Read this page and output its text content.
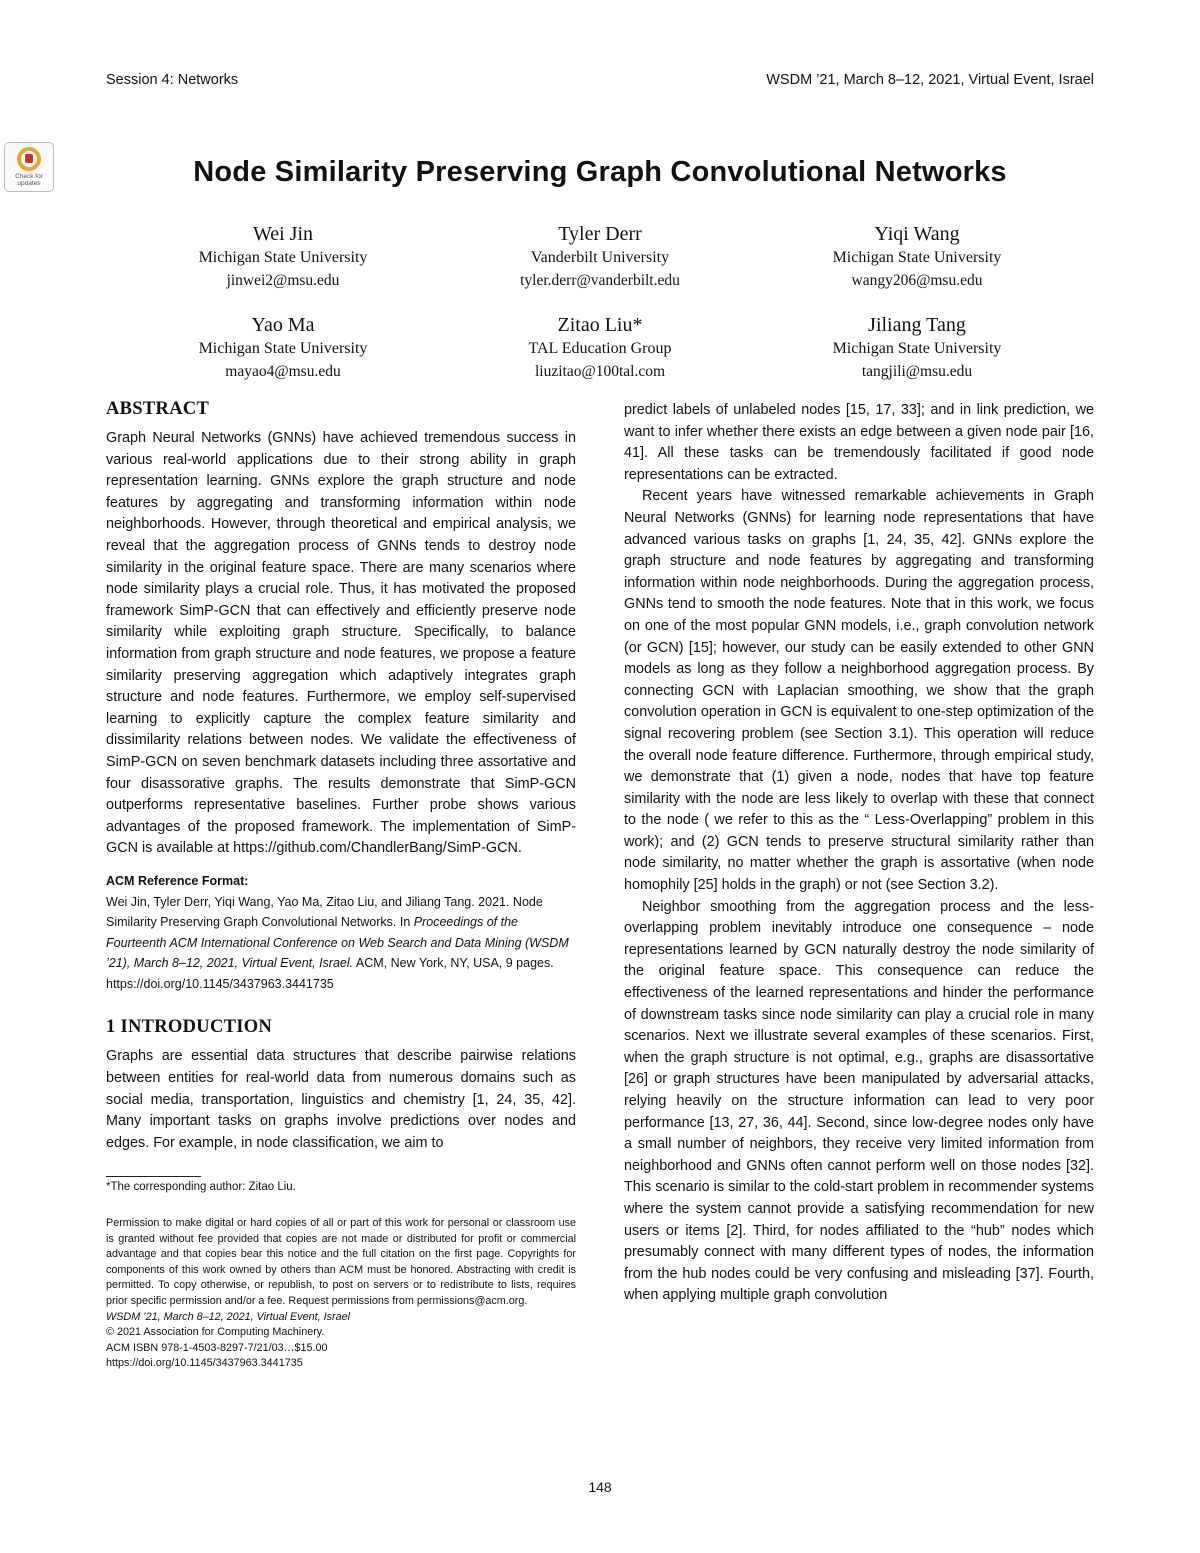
Session 4: Networks	WSDM ’21, March 8–12, 2021, Virtual Event, Israel
Check for updates	Node Similarity Preserving Graph Convolutional Networks
Wei Jin
Michigan State University
jinwei2@msu.edu
Tyler Derr
Vanderbilt University
tyler.derr@vanderbilt.edu
Yiqi Wang
Michigan State University
wangy206@msu.edu
Yao Ma
Michigan State University
mayao4@msu.edu
Zitao Liu*
TAL Education Group
liuzitao@100tal.com
Jiliang Tang
Michigan State University
tangjili@msu.edu
ABSTRACT

Graph Neural Networks (GNNs) have achieved tremendous success in various real-world applications due to their strong ability in graph representation learning. GNNs explore the graph structure and node features by aggregating and transforming information within node neighborhoods. However, through theoretical and empirical analysis, we reveal that the aggregation process of GNNs tends to destroy node similarity in the original feature space. There are many scenarios where node similarity plays a crucial role. Thus, it has motivated the proposed framework SimP-GCN that can effectively and efficiently preserve node similarity while exploiting graph structure. Specifically, to balance information from graph structure and node features, we propose a feature similarity preserving aggregation which adaptively integrates graph structure and node features. Furthermore, we employ self-supervised learning to explicitly capture the complex feature similarity and dissimilarity relations between nodes. We validate the effectiveness of SimP-GCN on seven benchmark datasets including three assortative and four disassorative graphs. The results demonstrate that SimP-GCN outperforms representative baselines. Further probe shows various advantages of the proposed framework. The implementation of SimP-GCN is available at https://github.com/ChandlerBang/SimP-GCN.

ACM Reference Format:
Wei Jin, Tyler Derr, Yiqi Wang, Yao Ma, Zitao Liu, and Jiliang Tang. 2021. Node Similarity Preserving Graph Convolutional Networks. In Proceedings of the Fourteenth ACM International Conference on Web Search and Data Mining (WSDM ’21), March 8–12, 2021, Virtual Event, Israel. ACM, New York, NY, USA, 9 pages. https://doi.org/10.1145/3437963.3441735
1 INTRODUCTION

Graphs are essential data structures that describe pairwise relations between entities for real-world data from numerous domains such as social media, transportation, linguistics and chemistry [1, 24, 35, 42]. Many important tasks on graphs involve predictions over nodes and edges. For example, in node classification, we aim to

*The corresponding author: Zitao Liu.
Permission to make digital or hard copies of all or part of this work for personal or classroom use is granted without fee provided that copies are not made or distributed for profit or commercial advantage and that copies bear this notice and the full citation on the first page. Copyrights for components of this work owned by others than ACM must be honored. Abstracting with credit is permitted. To copy otherwise, or republish, to post on servers or to redistribute to lists, requires prior specific permission and/or a fee. Request permissions from permissions@acm.org.
WSDM ’21, March 8–12, 2021, Virtual Event, Israel
© 2021 Association for Computing Machinery.
ACM ISBN 978-1-4503-8297-7/21/03…$15.00
https://doi.org/10.1145/3437963.3441735

predict labels of unlabeled nodes [15, 17, 33]; and in link prediction, we want to infer whether there exists an edge between a given node pair [16, 41]. All these tasks can be tremendously facilitated if good node representations can be extracted.

Recent years have witnessed remarkable achievements in Graph Neural Networks (GNNs) for learning node representations that have advanced various tasks on graphs [1, 24, 35, 42]. GNNs explore the graph structure and node features by aggregating and transforming information within node neighborhoods. During the aggregation process, GNNs tend to smooth the node features. Note that in this work, we focus on one of the most popular GNN models, i.e., graph convolution network (or GCN) [15]; however, our study can be easily extended to other GNN models as long as they follow a neighborhood aggregation process. By connecting GCN with Laplacian smoothing, we show that the graph convolution operation in GCN is equivalent to one-step optimization of the signal recovering problem (see Section 3.1). This operation will reduce the overall node feature difference. Furthermore, through empirical study, we demonstrate that (1) given a node, nodes that have top feature similarity with the node are less likely to overlap with these that connect to the node ( we refer to this as the “ Less-Overlapping” problem in this work); and (2) GCN tends to preserve structural similarity rather than node similarity, no matter whether the graph is assortative (when node homophily [25] holds in the graph) or not (see Section 3.2).

Neighbor smoothing from the aggregation process and the less-overlapping problem inevitably introduce one consequence – node representations learned by GCN naturally destroy the node similarity of the original feature space. This consequence can reduce the effectiveness of the learned representations and hinder the performance of downstream tasks since node similarity can play a crucial role in many scenarios. Next we illustrate several examples of these scenarios. First, when the graph structure is not optimal, e.g., graphs are disassortative [26] or graph structures have been manipulated by adversarial attacks, relying heavily on the structure information can lead to very poor performance [13, 27, 36, 44]. Second, since low-degree nodes only have a small number of neighbors, they receive very limited information from neighborhood and GNNs often cannot perform well on those nodes [32]. This scenario is similar to the cold-start problem in recommender systems where the system cannot provide a satisfying recommendation for new users or items [2]. Third, for nodes affiliated to the “hub” nodes which presumably connect with many different types of nodes, the information from the hub nodes could be very confusing and misleading [37]. Fourth, when applying multiple graph convolution

148
